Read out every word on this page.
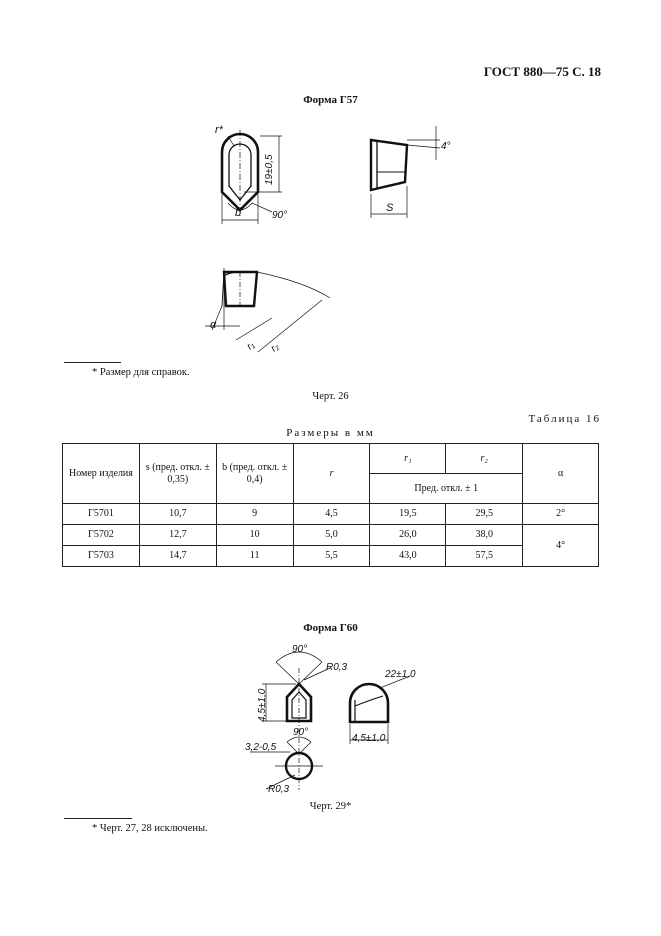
ГОСТ 880—75 С. 18
Форма Г57
r*
19±0,5
b	90°
4°
S
α
r₁ r₂
* Размер для справок.
Черт. 26
Таблица 16
Размеры в мм
Номер изделия	s (пред. откл. ± 0,35)	b (пред. откл. ± 0,4)	r	r₁	r₂	α
				Пред. откл. ± 1		
Г5701	10,7	9	4,5	19,5	29,5	2°
Г5702	12,7	10	5,0	26,0	38,0	4°
Г5703	14,7	11	5,5	43,0	57,5	
Форма Г60
90°
R0,3
4,5±1,0
22±1,0
4,5±1,0
90°
3,2-0,5
R0,3
Черт. 29*
* Черт. 27, 28 исключены.
